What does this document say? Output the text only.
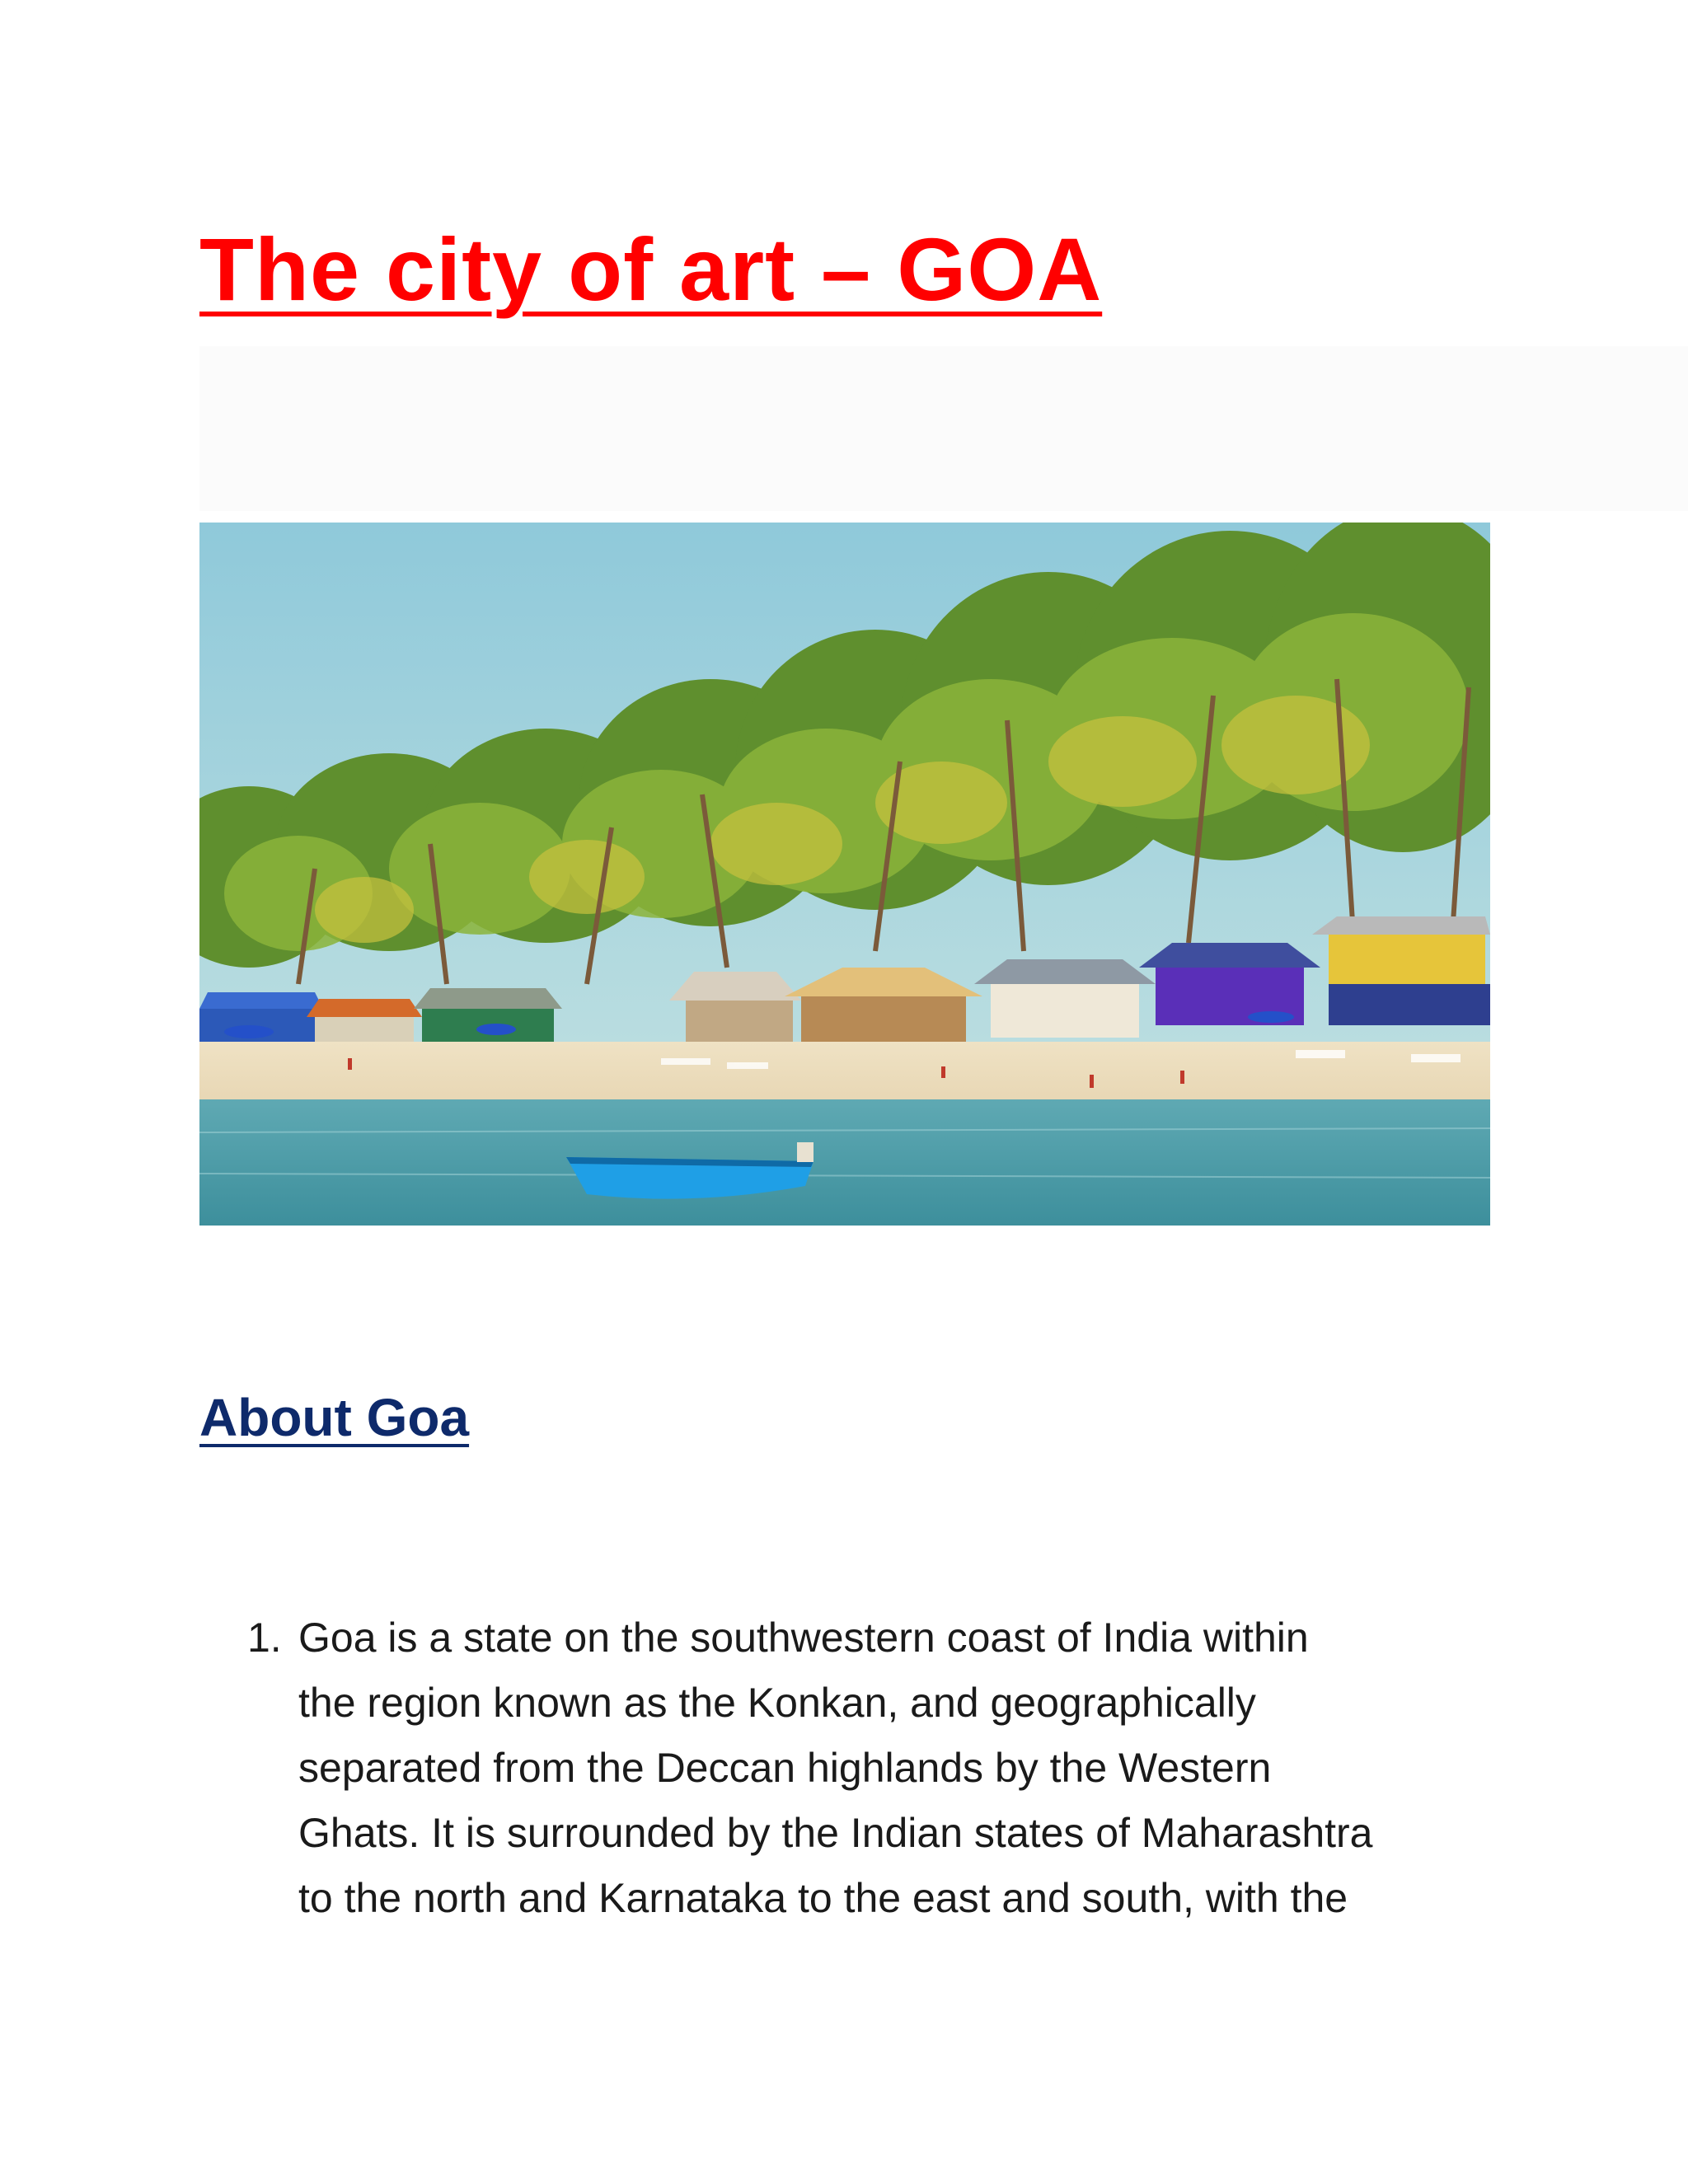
The city of art – GOA
About Goa
1. Goa is a state on the southwestern coast of India within
the region known as the Konkan, and geographically
separated from the Deccan highlands by the Western
Ghats. It is surrounded by the Indian states of Maharashtra
to the north and Karnataka to the east and south, with the
